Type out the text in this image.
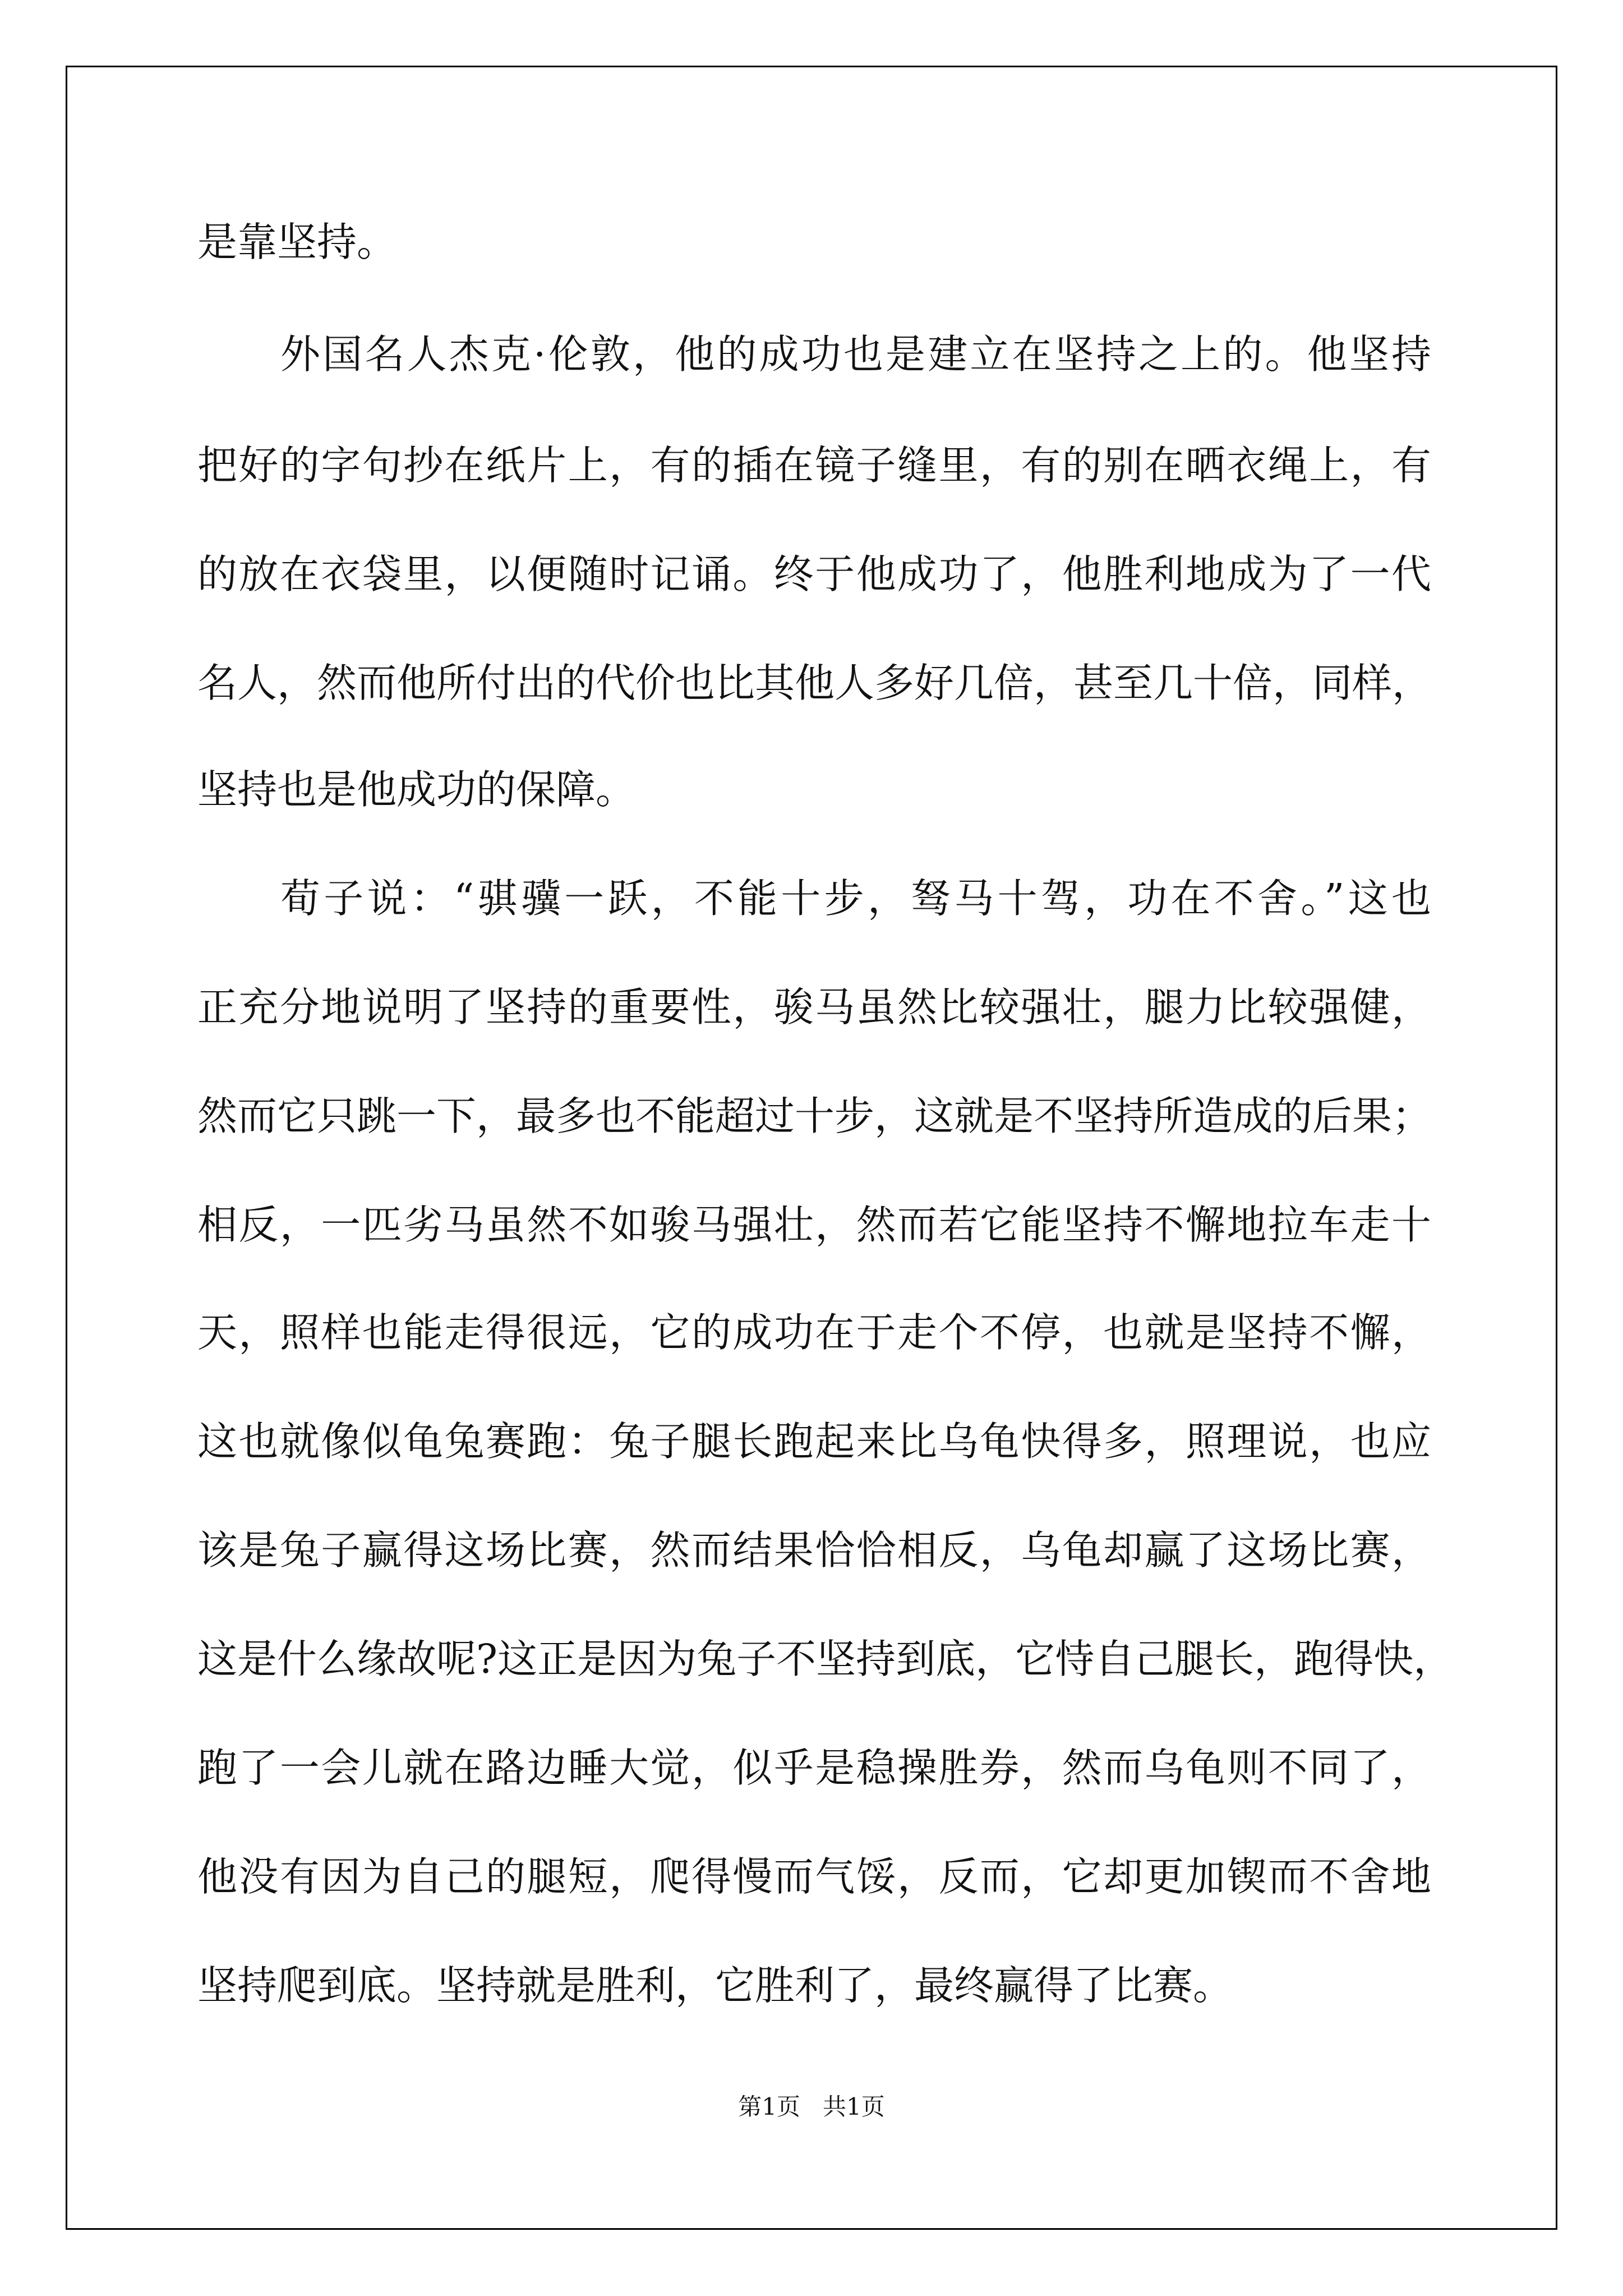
是靠坚持。

外国名人杰克·伦敦，他的成功也是建立在坚持之上的。他坚持

把好的字句抄在纸片上，有的插在镜子缝里，有的别在晒衣绳上，有

的放在衣袋里，以便随时记诵。终于他成功了，他胜利地成为了一代

名人，然而他所付出的代价也比其他人多好几倍，甚至几十倍，同样，

坚持也是他成功的保障。

荀子说：“骐骥一跃，不能十步，驽马十驾，功在不舍。”这也

正充分地说明了坚持的重要性，骏马虽然比较强壮，腿力比较强健，

然而它只跳一下，最多也不能超过十步，这就是不坚持所造成的后果；

相反，一匹劣马虽然不如骏马强壮，然而若它能坚持不懈地拉车走十

天，照样也能走得很远，它的成功在于走个不停，也就是坚持不懈，

这也就像似龟兔赛跑：兔子腿长跑起来比乌龟快得多，照理说，也应

该是兔子赢得这场比赛，然而结果恰恰相反，乌龟却赢了这场比赛，

这是什么缘故呢?这正是因为兔子不坚持到底，它恃自己腿长，跑得快，

跑了一会儿就在路边睡大觉，似乎是稳操胜券，然而乌龟则不同了，

他没有因为自己的腿短，爬得慢而气馁，反而，它却更加锲而不舍地

坚持爬到底。坚持就是胜利，它胜利了，最终赢得了比赛。

第1页 共1页
